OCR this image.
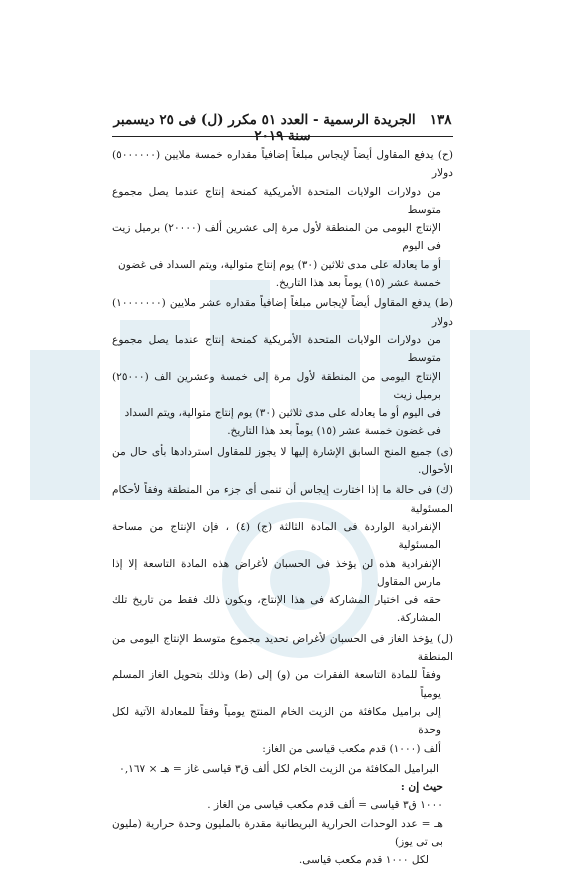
١٣٨   الجريدة الرسمية - العدد ٥١ مكرر (ل) فى ٢٥ ديسمبر سنة ٢٠١٩
(ح) يدفع المقاول أيضاً لإيجاس مبلغاً إضافياً مقداره خمسة ملايين (٥٠٠٠٠٠٠) دولار
من دولارات الولايات المتحدة الأمريكية كمنحة إنتاج عندما يصل مجموع متوسط
الإنتاج اليومى من المنطقة لأول مرة إلى عشرين ألف (٢٠٠٠٠) برميل زيت فى اليوم
أو ما يعادله على مدى ثلاثين (٣٠) يوم إنتاج متوالية، ويتم السداد فى غضون
خمسة عشر (١٥) يوماً بعد هذا التاريخ.
(ط) يدفع المقاول أيضاً لإيجاس مبلغاً إضافياً مقداره عشر ملايين (١٠٠٠٠٠٠٠) دولار
من دولارات الولايات المتحدة الأمريكية كمنحة إنتاج عندما يصل مجموع متوسط
الإنتاج اليومى من المنطقة لأول مرة إلى خمسة وعشرين الف (٢٥٠٠٠) برميل زيت
فى اليوم أو ما يعادله على مدى ثلاثين (٣٠) يوم إنتاج متوالية، ويتم السداد
فى غضون خمسة عشر (١٥) يوماً بعد هذا التاريخ.
(ى) جميع المنح السابق الإشارة إليها لا يجوز للمقاول استردادها بأى حال من الأحوال.
(ك) فى حالة ما إذا اختارت إيجاس أن تنمى أى جزء من المنطقة وفقاً لأحكام المسئولية
الإنفرادية الواردة فى المادة الثالثة (ج) (٤) ، فإن الإنتاج من مساحة المسئولية
الإنفرادية هذه لن يؤخذ فى الحسبان لأغراض هذه المادة التاسعة إلا إذا مارس المقاول
حقه فى اختيار المشاركة فى هذا الإنتاج، ويكون ذلك فقط من تاريخ تلك المشاركة.
(ل) يؤخذ الغاز فى الحسبان لأغراض تحديد مجموع متوسط الإنتاج اليومى من المنطقة
وفقاً للمادة التاسعة الفقرات من (و) إلى (ط) وذلك بتحويل الغاز المسلم يومياً
إلى براميل مكافئة من الزيت الخام المنتج يومياً وفقاً للمعادلة الآتية لكل وحدة
ألف (١٠٠٠) قدم مكعب قياسى من الغاز:
البراميل المكافئة من الزيت الخام لكل ألف ق٣ قياسى غاز = هـ × ٠,١٦٧
حيث إن :
١٠٠٠ ق٣ قياسى = ألف قدم مكعب قياسى من الغاز .
هـ = عدد الوحدات الحرارية البريطانية مقدرة بالمليون وحدة حرارية (مليون بى تى يوز)
لكل ١٠٠٠ قدم مكعب قياسى.
